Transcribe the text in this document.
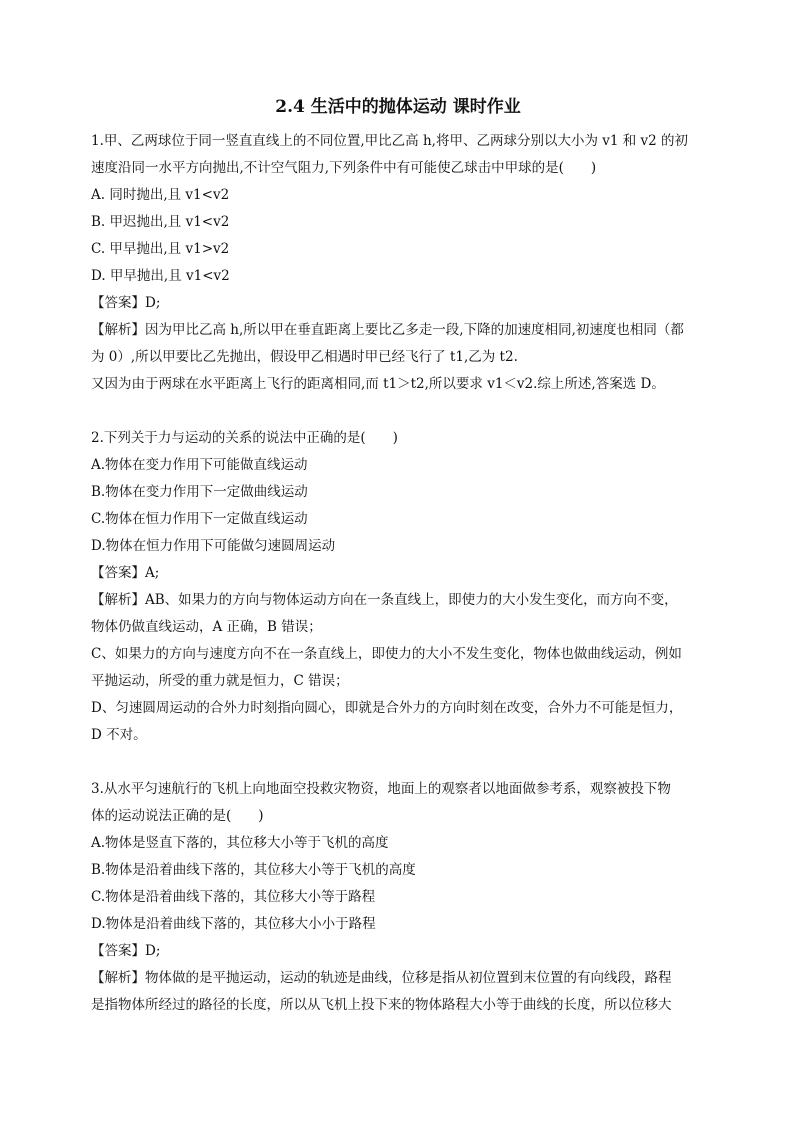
2.4 生活中的抛体运动 课时作业
1.甲、乙两球位于同一竖直直线上的不同位置,甲比乙高 h,将甲、乙两球分别以大小为 v1 和 v2 的初
速度沿同一水平方向抛出,不计空气阻力,下列条件中有可能使乙球击中甲球的是(　　)
A. 同时抛出,且 v1<v2
B. 甲迟抛出,且 v1<v2
C. 甲早抛出,且 v1>v2
D. 甲早抛出,且 v1<v2
【答案】D;
【解析】因为甲比乙高 h,所以甲在垂直距离上要比乙多走一段,下降的加速度相同,初速度也相同（都
为 0）,所以甲要比乙先抛出，假设甲乙相遇时甲已经飞行了 t1,乙为 t2.
又因为由于两球在水平距离上飞行的距离相同,而 t1＞t2,所以要求 v1＜v2.综上所述,答案选 D。
2.下列关于力与运动的关系的说法中正确的是(　　)
A.物体在变力作用下可能做直线运动
B.物体在变力作用下一定做曲线运动
C.物体在恒力作用下一定做直线运动
D.物体在恒力作用下可能做匀速圆周运动
【答案】A;
【解析】AB、如果力的方向与物体运动方向在一条直线上，即使力的大小发生变化，而方向不变，
物体仍做直线运动，A 正确，B 错误；
C、如果力的方向与速度方向不在一条直线上，即使力的大小不发生变化，物体也做曲线运动，例如
平抛运动，所受的重力就是恒力，C 错误；
D、匀速圆周运动的合外力时刻指向圆心，即就是合外力的方向时刻在改变，合外力不可能是恒力，
D 不对。
3.从水平匀速航行的飞机上向地面空投救灾物资，地面上的观察者以地面做参考系，观察被投下物
体的运动说法正确的是(　　)
A.物体是竖直下落的，其位移大小等于飞机的高度
B.物体是沿着曲线下落的，其位移大小等于飞机的高度
C.物体是沿着曲线下落的，其位移大小等于路程
D.物体是沿着曲线下落的，其位移大小小于路程
【答案】D;
【解析】物体做的是平抛运动，运动的轨迹是曲线，位移是指从初位置到末位置的有向线段，路程
是指物体所经过的路径的长度，所以从飞机上投下来的物体路程大小等于曲线的长度，所以位移大
